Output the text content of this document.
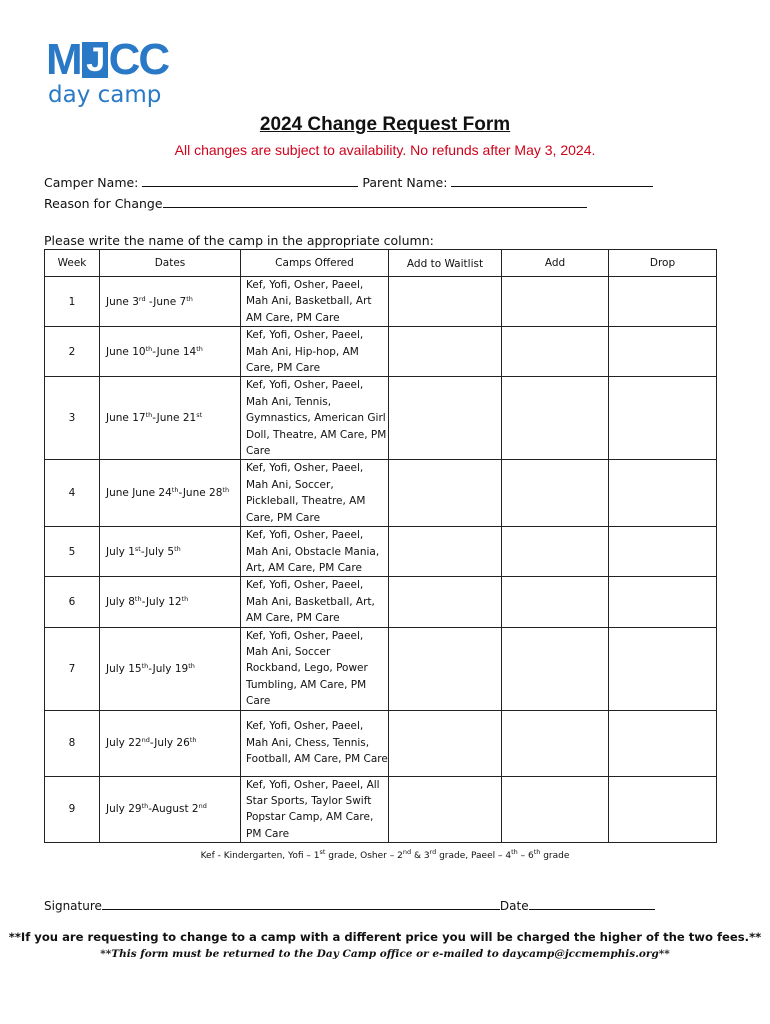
M J CC
day camp
2024 Change Request Form
All changes are subject to availability. No refunds after May 3, 2024.
Camper Name:	Parent Name:
Reason for Change
Please write the name of the camp in the appropriate column:
Week	Dates	Camps Offered	Add to Waitlist	Add	Drop
1	June 3rd -June 7th	Kef, Yofi, Osher, Paeel, Mah Ani, Basketball, Art AM Care, PM Care			
2	June 10th-June 14th	Kef, Yofi, Osher, Paeel, Mah Ani, Hip-hop, AM Care, PM Care			
3	June 17th-June 21st	Kef, Yofi, Osher, Paeel, Mah Ani, Tennis, Gymnastics, American Girl Doll, Theatre, AM Care, PM Care			
4	June June 24th-June 28th	Kef, Yofi, Osher, Paeel, Mah Ani, Soccer, Pickleball, Theatre, AM Care, PM Care			
5	July 1st-July 5th	Kef, Yofi, Osher, Paeel, Mah Ani, Obstacle Mania, Art, AM Care, PM Care			
6	July 8th-July 12th	Kef, Yofi, Osher, Paeel, Mah Ani, Basketball, Art, AM Care, PM Care			
7	July 15th-July 19th	Kef, Yofi, Osher, Paeel, Mah Ani, Soccer Rockband, Lego, Power Tumbling, AM Care, PM Care			
8	July 22nd-July 26th	Kef, Yofi, Osher, Paeel, Mah Ani, Chess, Tennis, Football, AM Care, PM Care			
9	July 29th-August 2nd	Kef, Yofi, Osher, Paeel, All Star Sports, Taylor Swift Popstar Camp, AM Care, PM Care			
Kef - Kindergarten, Yofi – 1st grade, Osher – 2nd & 3rd grade, Paeel – 4th – 6th grade
Signature	Date
**If you are requesting to change to a camp with a different price you will be charged the higher of the two fees.**
**This form must be returned to the Day Camp office or e-mailed to daycamp@jccmemphis.org**
